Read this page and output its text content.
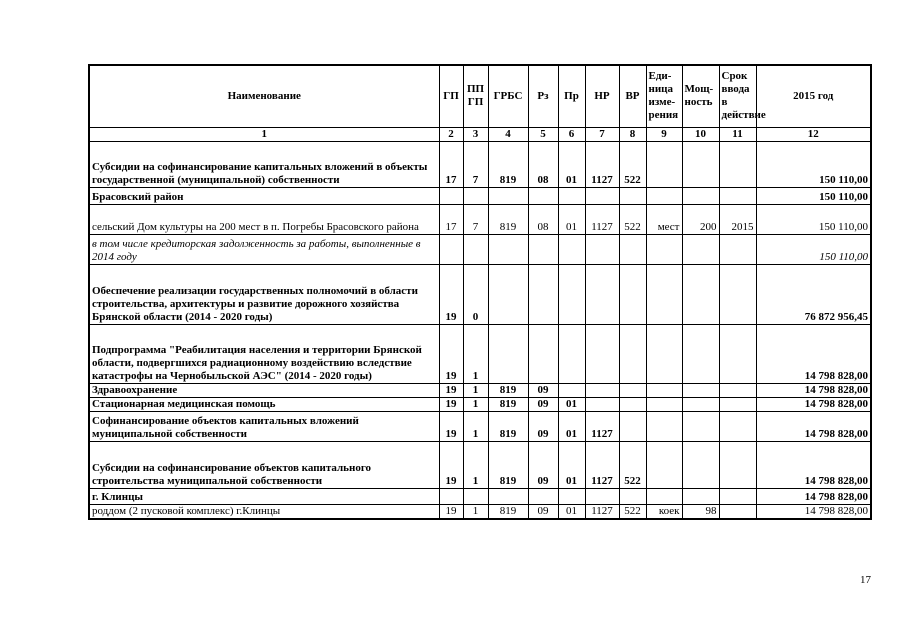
Наименование	ГП	ПП ГП	ГРБС	Рз	Пр	НР	ВР	Еди-ница изме-рения	Мощ-ность	Срок ввода в действие	2015 год
1	2	3	4	5	6	7	8	9	10	11	12
Субсидии на софинансирование капитальных вложений в объекты государственной (муниципальной) собственности	17	7	819	08	01	1127	522				150 110,00
Брасовский район											150 110,00
сельский Дом культуры на 200 мест в п. Погребы Брасовского района	17	7	819	08	01	1127	522	мест	200	2015	150 110,00
в том числе кредиторская задолженность за работы, выполненные в 2014 году											150 110,00
Обеспечение реализации государственных полномочий в области строительства, архитектуры и развитие дорожного хозяйства Брянской области (2014 - 2020 годы)	19	0									76 872 956,45
Подпрограмма "Реабилитация населения и территории Брянской области, подвергшихся радиационному воздействию вследствие катастрофы на Чернобыльской АЭС" (2014 - 2020 годы)	19	1									14 798 828,00
Здравоохранение	19	1	819	09							14 798 828,00
Стационарная медицинская помощь	19	1	819	09	01						14 798 828,00
Софинансирование объектов капитальных вложений муниципальной собственности	19	1	819	09	01	1127					14 798 828,00
Субсидии на софинансирование объектов капитального строительства муниципальной собственности	19	1	819	09	01	1127	522				14 798 828,00
г. Клинцы											14 798 828,00
роддом (2 пусковой комплекс) г.Клинцы	19	1	819	09	01	1127	522	коек	98		14 798 828,00
17
